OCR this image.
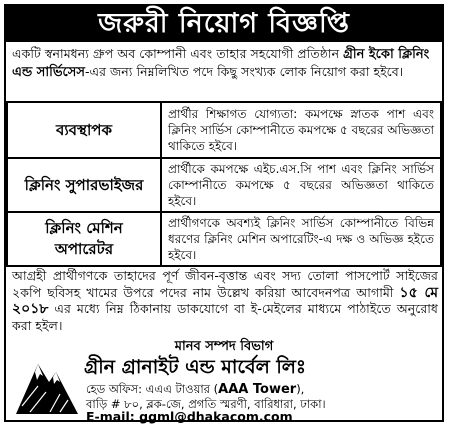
জরুরী নিয়োগ বিজ্ঞপ্তি
একটি স্বনামধন্য গ্রুপ অব কোম্পানী এবং তাহার সহযোগী প্রতিষ্ঠান গ্রীন ইকো ক্লিনিং এন্ড সার্ভিসেস-এর জন্য নিম্নলিখিত পদে কিছু সংখ্যক লোক নিয়োগ করা হইবে।
ব্যবস্থাপক	প্রার্থীর শিক্ষাগত যোগ্যতা: কমপক্ষে স্নাতক পাশ এবং ক্লিনিং সার্ভিস কোম্পানীতে কমপক্ষে ৫ বছরের অভিজ্ঞতা থাকিতে হইবে।
ক্লিনিং সুপারভাইজর	প্রার্থীকে কমপক্ষে এইচ.এস.সি পাশ এবং ক্লিনিং সার্ভিস কোম্পানীতে কমপক্ষে ৫ বছরের অভিজ্ঞতা থাকিতে হইবে।

ক্লিনিং মেশিন
অপারেটর	প্রার্থীগণকে অবশ্যই ক্লিনিং সার্ভিস কোম্পানীতে বিভিন্ন ধরণের ক্লিনিং মেশিন অপারেটিং-এ দক্ষ ও অভিজ্ঞ হইতে হইবে।
আগ্রহী প্রার্থীগণকে তাহাদের পূর্ণ জীবন-বৃত্তান্ত এবং সদ্য তোলা পাসপোর্ট সাইজের ২কপি ছবিসহ খামের উপরে পদের নাম উল্লেখ করিয়া আবেদনপত্র আগামী ১৫ মে ২০১৮ এর মধ্যে নিম্ন ঠিকানায় ডাকযোগে বা ই-মেইলের মাধ্যমে পাঠাইতে অনুরোধ করা হইল।
মানব সম্পদ বিভাগ
গ্রীন গ্রানাইট এন্ড মার্বেল লিঃ
হেড অফিস: এএএ টাওয়ার (AAA Tower),
বাড়ি # ৮০, ব্লক-জে, প্রগতি স্মরণী, বারিধারা, ঢাকা।
E-mail: ggml@dhakacom.com
